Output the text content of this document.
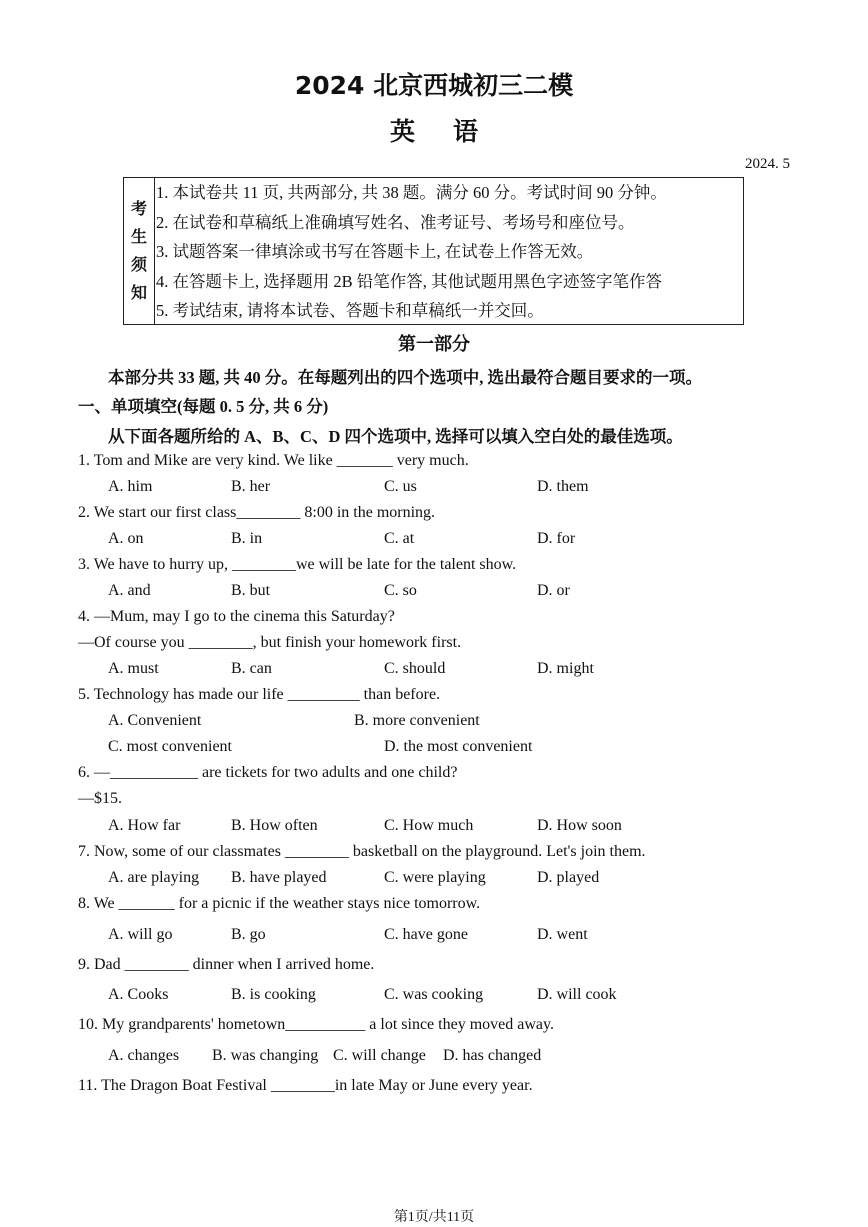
2024 北京西城初三二模
英 语
2024. 5
考
生
须
知
1. 本试卷共 11 页, 共两部分, 共 38 题。满分 60 分。考试时间 90 分钟。
2. 在试卷和草稿纸上准确填写姓名、准考证号、考场号和座位号。
3. 试题答案一律填涂或书写在答题卡上, 在试卷上作答无效。
4. 在答题卡上, 选择题用 2B 铅笔作答, 其他试题用黑色字迹签字笔作答
5. 考试结束, 请将本试卷、答题卡和草稿纸一并交回。
第一部分
本部分共 33 题, 共 40 分。在每题列出的四个选项中, 选出最符合题目要求的一项。
一、单项填空(每题 0. 5 分, 共 6 分)
从下面各题所给的 A、B、C、D 四个选项中, 选择可以填入空白处的最佳选项。
1. Tom and Mike are very kind. We like _______ very much.
A. him	B. her	C. us	D. them
2. We start our first class________ 8:00 in the morning.
A. on	B. in	C. at	D. for
3. We have to hurry up, ________we will be late for the talent show.
A. and	B. but	C. so	D. or
4. —Mum, may I go to the cinema this Saturday?
—Of course you ________, but finish your homework first.
A. must	B. can	C. should	D. might
5. Technology has made our life _________ than before.
A. Convenient	B. more convenient
C. most convenient	D. the most convenient
6. —___________ are tickets for two adults and one child?
—$15.
A. How far	B. How often	C. How much	D. How soon
7. Now, some of our classmates ________ basketball on the playground. Let's join them.
A. are playing B. have played	C. were playing	D. played
8. We _______ for a picnic if the weather stays nice tomorrow.
A. will go	B. go	C. have gone	D. went
9. Dad ________ dinner when I arrived home.
A. Cooks	B. is cooking	C. was cooking	D. will cook
10. My grandparents' hometown__________ a lot since they moved away.
A. changes B. was changing C. will change D. has changed
11. The Dragon Boat Festival ________in late May or June every year.
第1页/共11页
